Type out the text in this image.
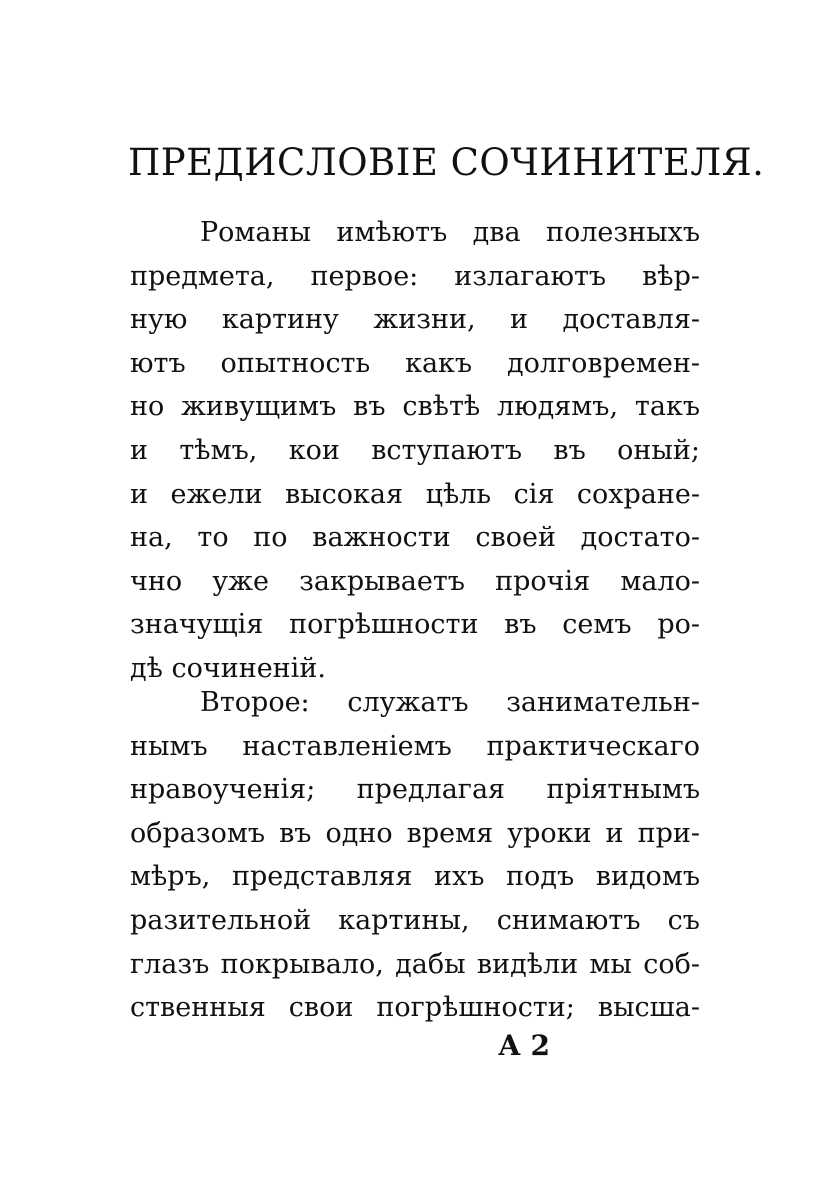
ПРЕДИСЛОВІЕ СОЧИНИТЕЛЯ.
Романы имѣютъ два полезныхъ
предмета, первое: излагаютъ вѣр-
ную картину жизни, и доставля-
ютъ опытность какъ долговремен-
но живущимъ въ свѣтѣ людямъ, такъ
и тѣмъ, кои вступаютъ въ оный;
и ежели высокая цѣль сія сохране-
на, то по важности своей достато-
чно уже закрываетъ прочія мало-
значущія погрѣшности въ семъ ро-
дѣ сочиненій.
Второе: служатъ занимательн-
нымъ наставленіемъ практическаго
нравоученія; предлагая пріятнымъ
образомъ въ одно время уроки и при-
мѣръ, представляя ихъ подъ видомъ
разительной картины, снимаютъ съ
глазъ покрывало, дабы видѣли мы соб-
ственныя свои погрѣшности; высша-
А 2
